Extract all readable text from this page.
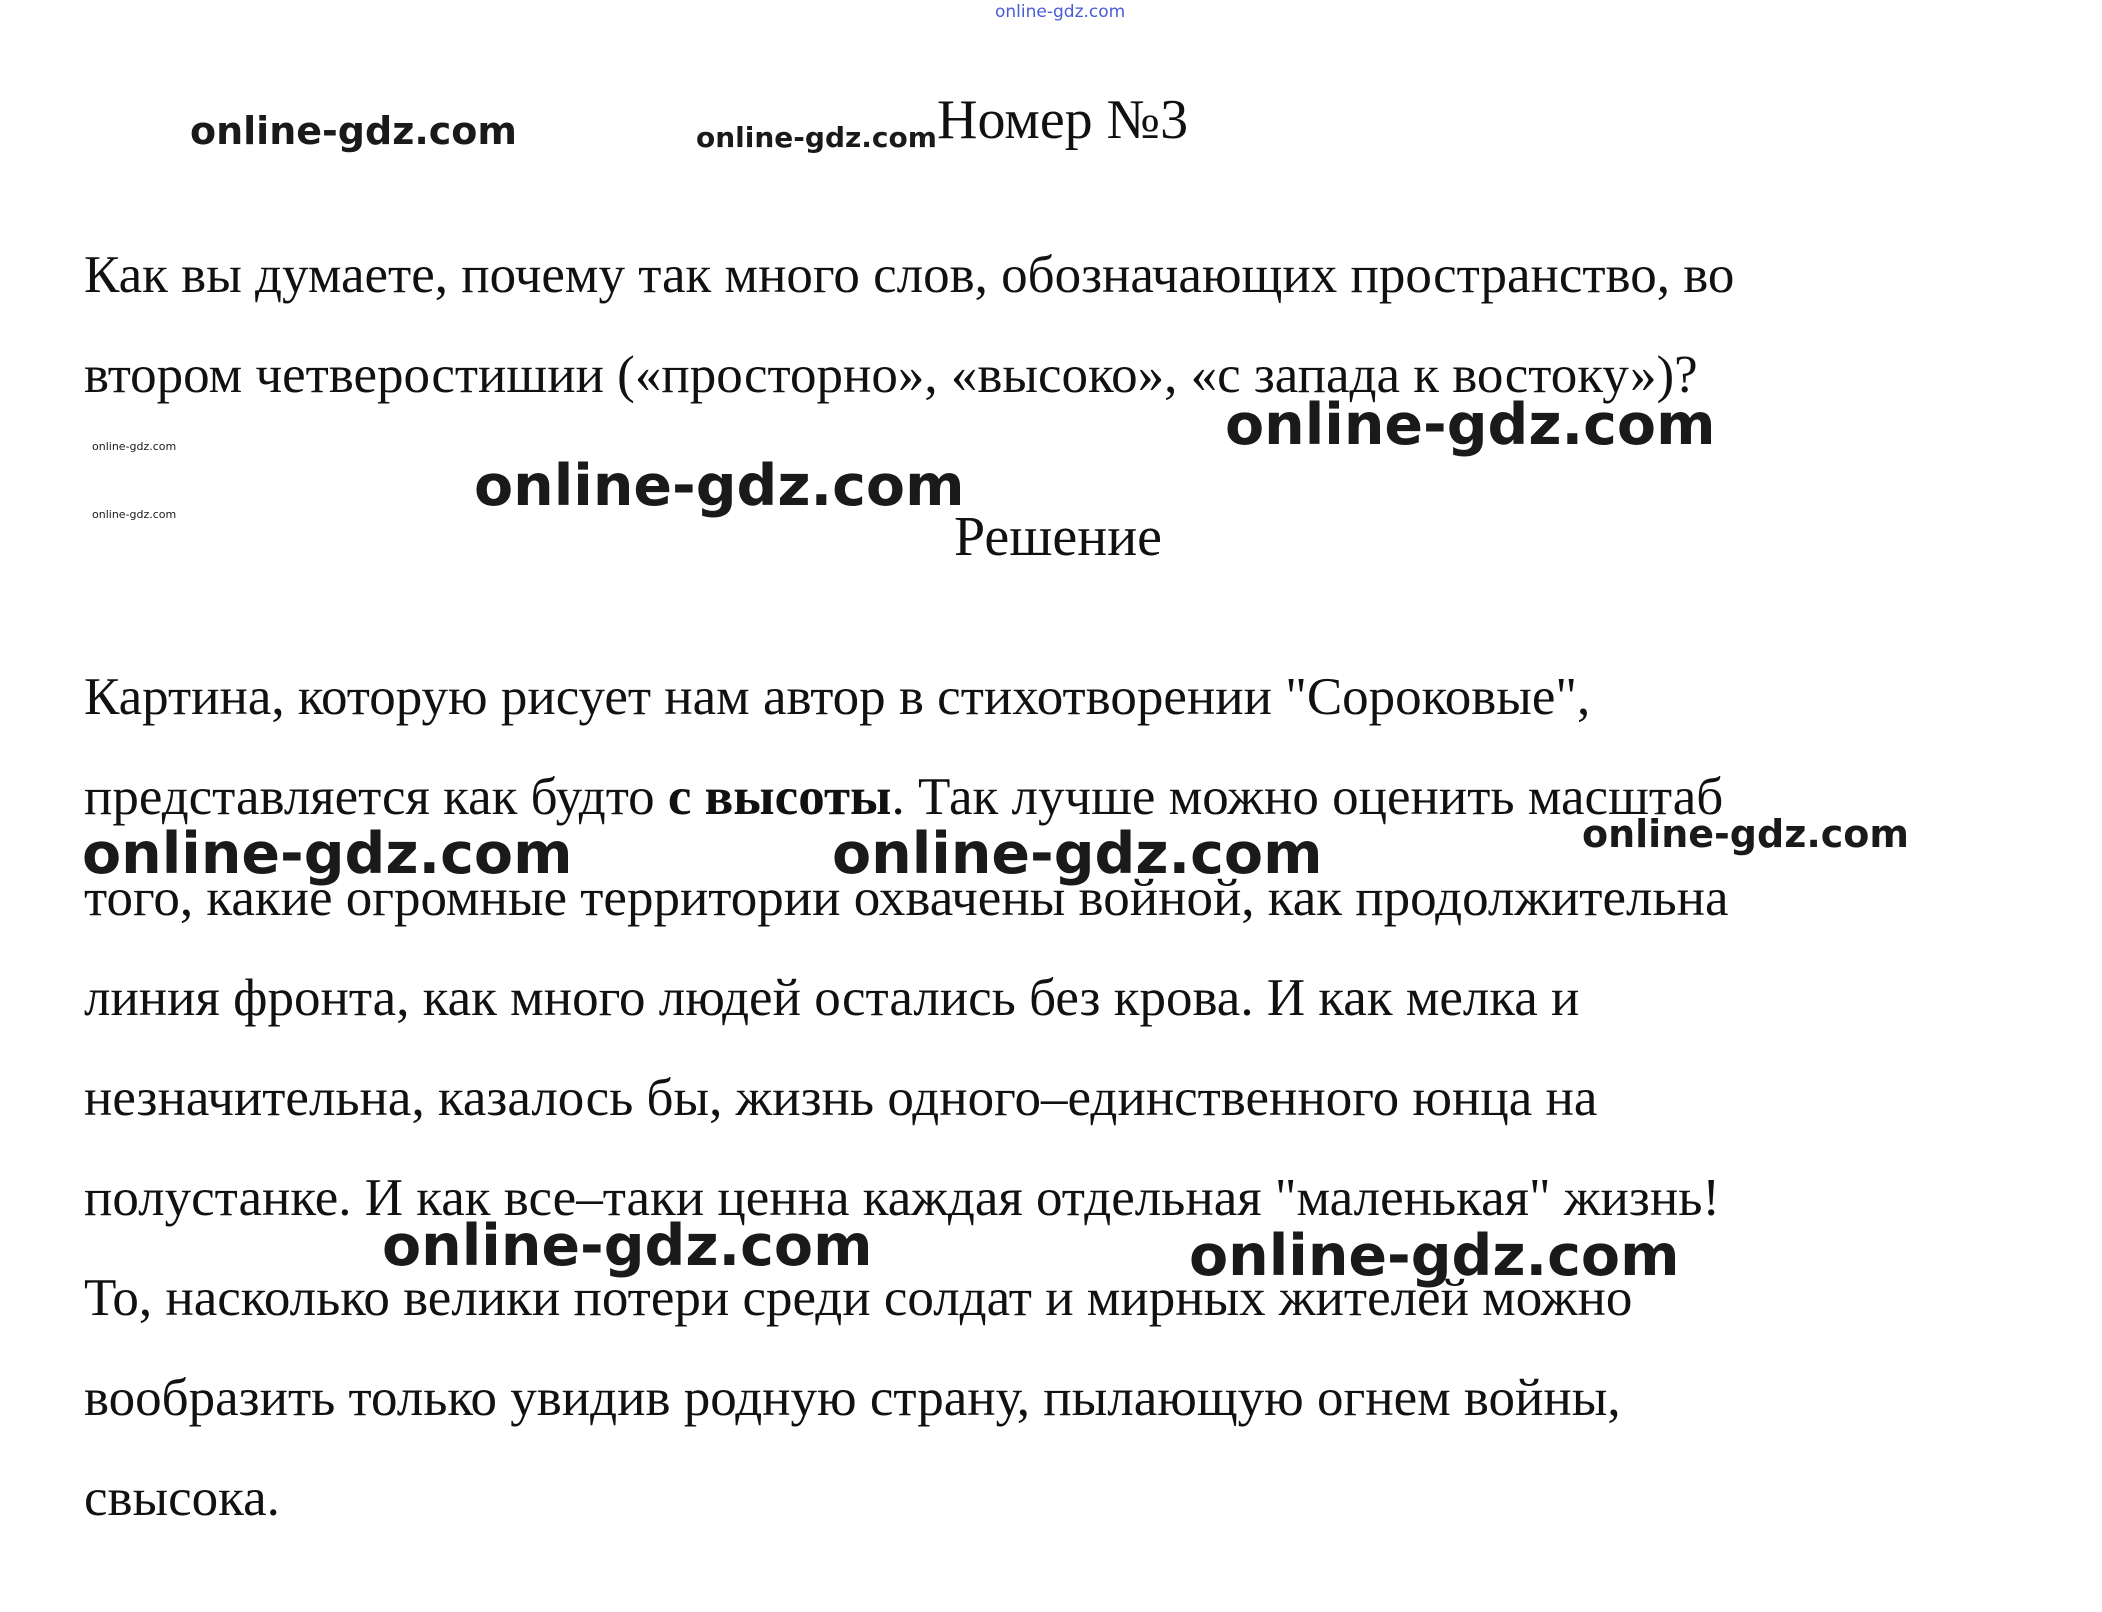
online-gdz.com
online-gdz.com	online-gdz.com
online-gdz.com
online-gdz.com
online-gdz.com
online-gdz.com
online-gdz.com	online-gdz.com	online-gdz.com
online-gdz.com	online-gdz.com
Номер №3
Как вы думаете, почему так много слов, обозначающих пространство, во
втором четверостишии («просторно», «высоко», «с запада к востоку»)?
Решение
Картина, которую рисует нам автор в стихотворении "Сороковые",
представляется как будто с высоты. Так лучше можно оценить масштаб
того, какие огромные территории охвачены войной, как продолжительна
линия фронта, как много людей остались без крова. И как мелка и
незначительна, казалось бы, жизнь одного–единственного юнца на
полустанке. И как все–таки ценна каждая отдельная "маленькая" жизнь!
То, насколько велики потери среди солдат и мирных жителей можно
вообразить только увидив родную страну, пылающую огнем войны,
свысока.
